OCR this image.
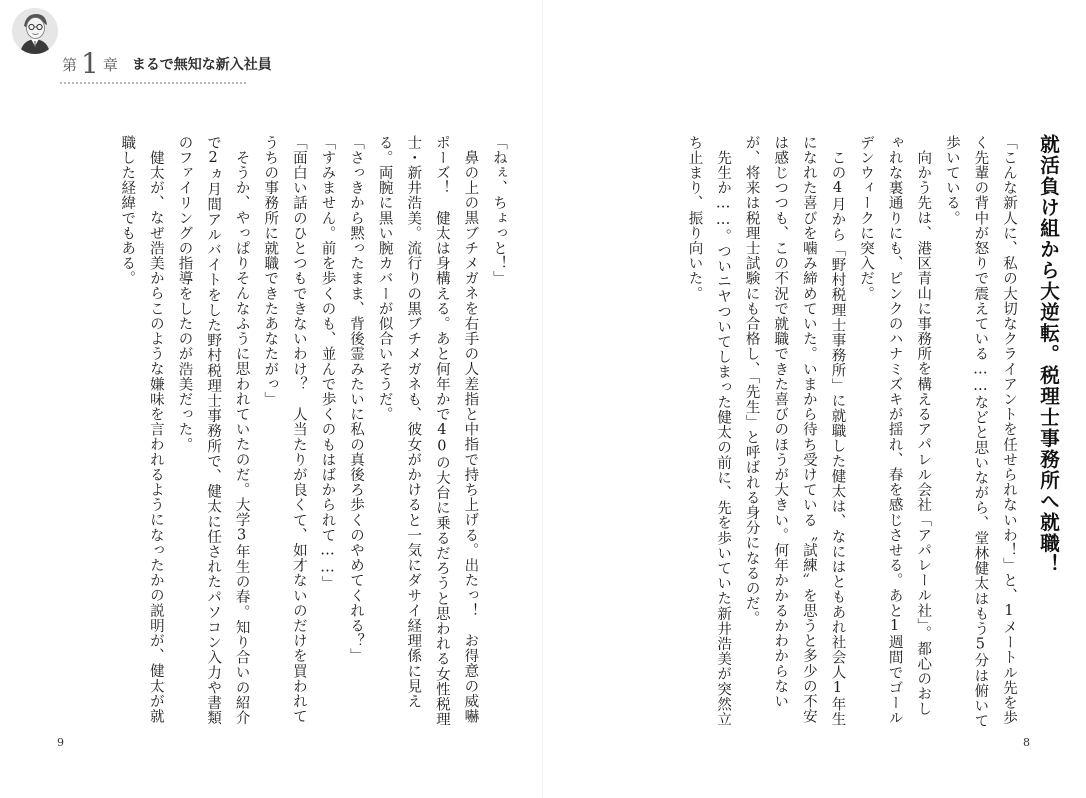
第 1 章 まるで無知な新入社員

「ねぇ、ちょっと！」

鼻の上の黒ブチメガネを右手の人差指と中指で持ち上げる。出たっ！　お得意の威嚇ポーズ！　健太は身構える。あと何年かで40の大台に乗るだろうと思われる女性税理士・新井浩美。流行りの黒ブチメガネも、彼女がかけると一気にダサイ経理係に見える。両腕に黒い腕カバーが似合いそうだ。

「さっきから黙ったまま、背後霊みたいに私の真後ろ歩くのやめてくれる？」

「すみません。前を歩くのも、並んで歩くのもはばかられて……」

「面白い話のひとつもできないわけ？　人当たりが良くて、如才ないのだけを買われてうちの事務所に就職できたあなたがっ」

そうか、やっぱりそんなふうに思われていたのだ。大学3年生の春。知り合いの紹介で2ヵ月間アルバイトをした野村税理士事務所で、健太に任されたパソコン入力や書類のファイリングの指導をしたのが浩美だった。

健太が、なぜ浩美からこのような嫌味を言われるようになったかの説明が、健太が就職した経緯でもある。

9
就活負け組から大逆転。税理士事務所へ就職！

「こんな新人に、私の大切なクライアントを任せられないわ！」と、1メートル先を歩く先輩の背中が怒りで震えている……などと思いながら、堂林健太はもう5分は俯いて歩いている。

向かう先は、港区青山に事務所を構えるアパレル会社「アパレール社」。都心のおしゃれな裏通りにも、ピンクのハナミズキが揺れ、春を感じさせる。あと1週間でゴールデンウィークに突入だ。

この4月から「野村税理士事務所」に就職した健太は、なにはともあれ社会人1年生になれた喜びを噛み締めていた。いまから待ち受けている〝試練〟を思うと多少の不安は感じつつも、この不況で就職できた喜びのほうが大きい。何年かかるかわからないが、将来は税理士試験にも合格し、「先生」と呼ばれる身分になるのだ。

先生か……。ついニヤついてしまった健太の前に、先を歩いていた新井浩美が突然立ち止まり、振り向いた。

8
